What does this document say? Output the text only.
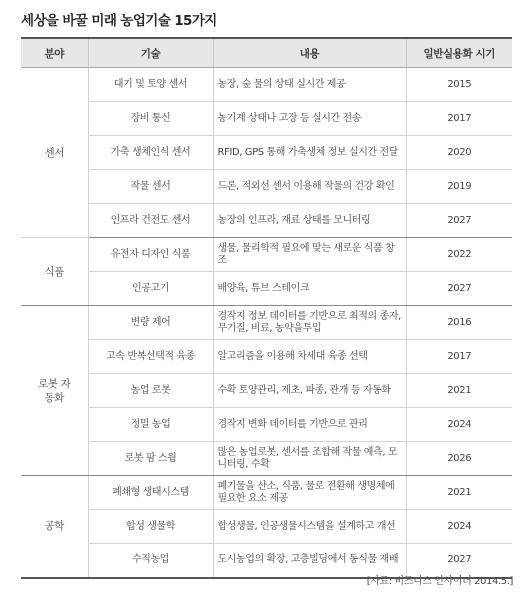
세상을 바꿀 미래 농업기술 15가지
분야	기술	내용	일반실용화 시기
센서	대기 및 토양 센서	농장, 숲 물의 상태 실시간 제공	2015
	장비 통신	농기계 상태나 고장 등 실시간 전송	2017
	가축 생체인식 센서	RFID, GPS 통해 가축생체 정보 실시간 전달	2020
	작물 센서	드론, 적외선 센서 이용해 작물의 건강 확인	2019
	인프라 건전도 센서	농장의 인프라, 재료 상태를 모니터링	2027
식품	유전자 디자인 식품	생물, 물리학적 필요에 맞는 새로운 식품 창조	2022
	인공고기	배양육, 튜브 스테이크	2027
로봇 자동화	변량 제어	경작지 정보 데이터를 기반으로 최적의 종자, 무기질, 비료, 농약을투입	2016
	고속 반복선택적 육종	알고리즘을 이용해 차세대 육종 선택	2017
	농업 로봇	수확 토양관리, 제초, 파종, 관개 등 자동화	2021
	정밀 농업	경작지 변화 데이터를 기반으로 관리	2024
	로봇 팜 스웜	많은 농업로봇, 센서를 조합해 작물 예측, 모니터링, 수확	2026
공학	폐쇄형 생태시스템	폐기물을 산소, 식품, 물로 전환해 생명체에 필요한 요소 제공	2021
	합성 생물학	합성생물, 인공생물시스템을 설계하고 개선	2024
	수직농업	도시농업의 확장, 고층빌딩에서 동식물 재배	2027
[자료: 비즈니스 인사이더 2014.5.]
